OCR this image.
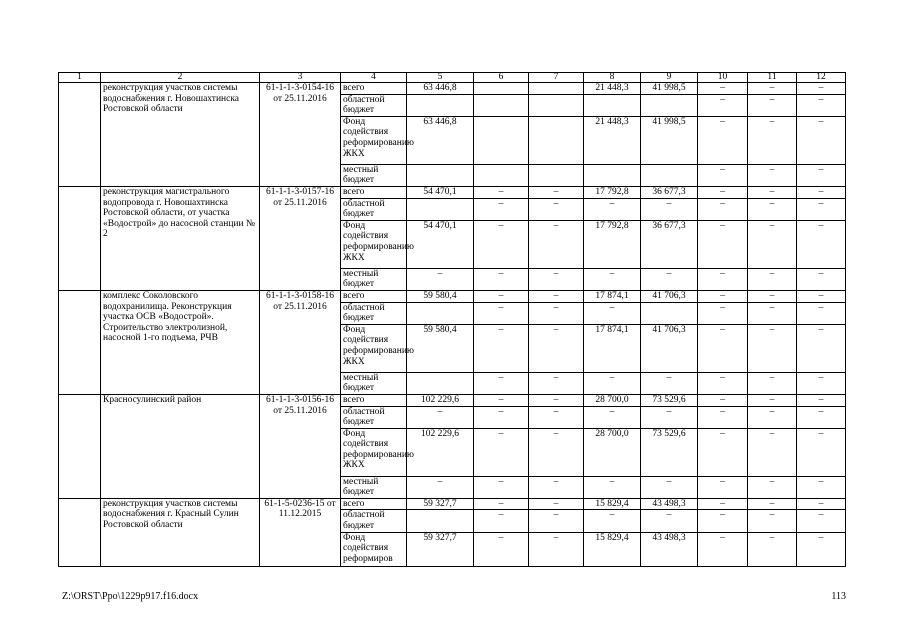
1	2	3	4	5	6	7	8	9	10	11	12
	реконструкция участков системы водоснабжения г. Новошахтинска Ростовской области	61-1-1-3-0154-16 от 25.11.2016	всего	63 446,8			21 448,3	41 998,5	–	–	–
			областной бюджет						–	–	–
			Фонд содействия реформированию ЖКХ	63 446,8			21 448,3	41 998,5	–	–	–
			местный бюджет						–	–	–
	реконструкция магистрального водопровода г. Новошахтинска Ростовской области, от участка «Водострой» до насосной станции № 2	61-1-1-3-0157-16 от 25.11.2016	всего	54 470,1	–	–	17 792,8	36 677,3	–	–	–
			областной бюджет		–	–	–	–	–	–	–
			Фонд содействия реформированию ЖКХ	54 470,1	–	–	17 792,8	36 677,3	–	–	–
			местный бюджет	–	–	–	–	–	–	–	–
	комплекс Соколовского водохранилища. Реконструкция участка ОСВ «Водострой». Строительство электролизной, насосной 1-го подъема, РЧВ	61-1-1-3-0158-16 от 25.11.2016	всего	59 580,4	–	–	17 874,1	41 706,3	–	–	–
			областной бюджет		–	–	–		–	–	–
			Фонд содействия реформированию ЖКХ	59 580,4	–	–	17 874,1	41 706,3	–	–	–
			местный бюджет		–	–	–	–	–	–	–
	Красносулинский район	61-1-1-3-0156-16 от 25.11.2016	всего	102 229,6	–	–	28 700,0	73 529,6	–	–	–
			областной бюджет	–	–	–	–	–	–	–	–
			Фонд содействия реформированию ЖКХ	102 229,6	–	–	28 700,0	73 529,6	–	–	–
			местный бюджет	–	–	–	–	–	–	–	–
	реконструкция участков системы водоснабжения г. Красный Сулин Ростовской области	61-1-5-0236-15 от 11.12.2015	всего	59 327,7	–	–	15 829,4	43 498,3	–	–	–
			областной бюджет		–	–	–	–	–	–	–
			Фонд содействия реформиров	59 327,7	–	–	15 829,4	43 498,3	–	–	–
Z:\ORST\Ppo\1229p917.f16.docx	113
